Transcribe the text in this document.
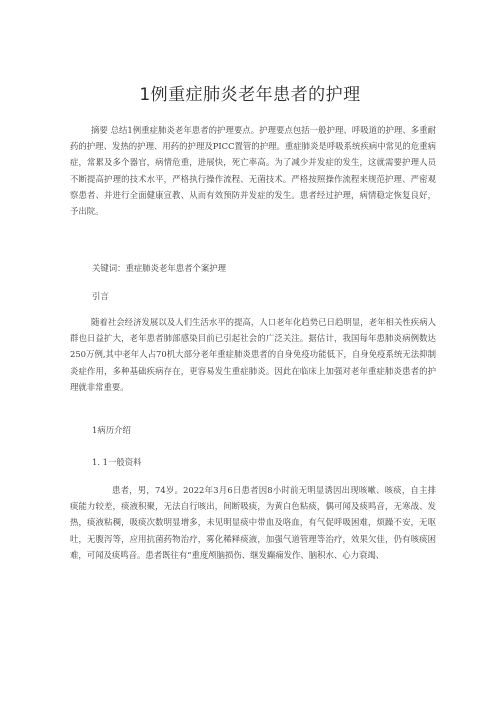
1例重症肺炎老年患者的护理

摘要 总结1例重症肺炎老年患者的护理要点。护理要点包括一般护理、呼吸道的护理、多重耐药的护理、发热的护理、用药的护理及PICC置管的护理。重症肺炎是呼吸系统疾病中常见的危重病症，常累及多个器官，病情危重，进展快，死亡率高。为了减少并发症的发生，这就需要护理人员不断提高护理的技术水平，严格执行操作流程、无菌技术。严格按照操作流程来规范护理、严密观察患者、并进行全面健康宣教、从而有效预防并发症的发生。患者经过护理，病情稳定恢复良好，予出院。

关键词：重症肺炎老年患者个案护理

引言

随着社会经济发展以及人们生活水平的提高，人口老年化趋势已日趋明显，老年相关性疾病人群也日益扩大，老年患者肺部感染目前已引起社会的广泛关注。据估计，我国每年患肺炎病例数达250万例,其中老年人占70机大部分老年重症肺炎患者的自身免疫功能低下，自身免疫系统无法抑制炎症作用，多种基础疾病存在，更容易发生重症肺炎。因此在临床上加强对老年重症肺炎患者的护理就非常重要。

1病历介绍

1. 1一般资料

患者，男，74岁。2022年3月6日患者因8小时前无明显诱因出现咳嗽、咳痰，自主排痰能力较差，痰液积聚，无法自行咳出，间断吸痰，为黄白色粘痰，偶可闻及痰鸣音，无寒战、发热，痰液粘稠，吸痰次数明显增多，未见明显痰中带血及咯血，有气促呼吸困难，烦躁不安，无呕吐，无腹泻等，应用抗菌药物治疗，雾化稀释痰液，加强气道管理等治疗，效果欠佳，仍有咳痰困难，可闻及痰鸣音。患者既往有“重度颅脑损伤、继发癫痫发作、脑积水、心力衰竭、
